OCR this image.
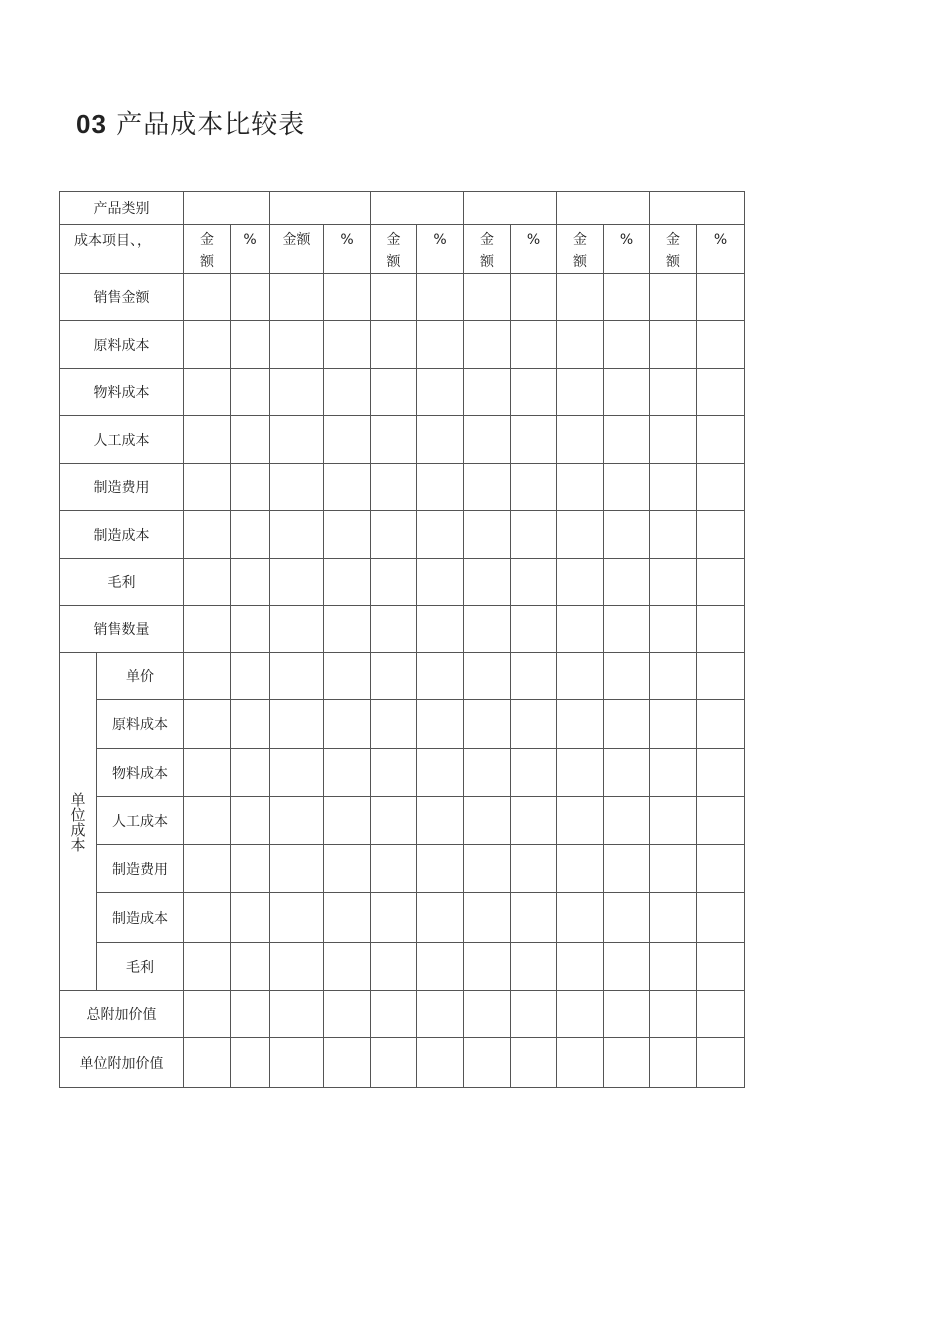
03 产品成本比较表
产品类别													
成本项目、，		金额	%	金额	%	金额	%	金额	%	金额	%	金额	%
销售金额													
原料成本													
物料成本													
人工成本													
制造费用													
制造成本													
毛利													
销售数量													

单位成本	单价												
	原料成本												
	物料成本												
	人工成本												
	制造费用												
	制造成本												
	毛利												
总附加价值													
单位附加价值													
